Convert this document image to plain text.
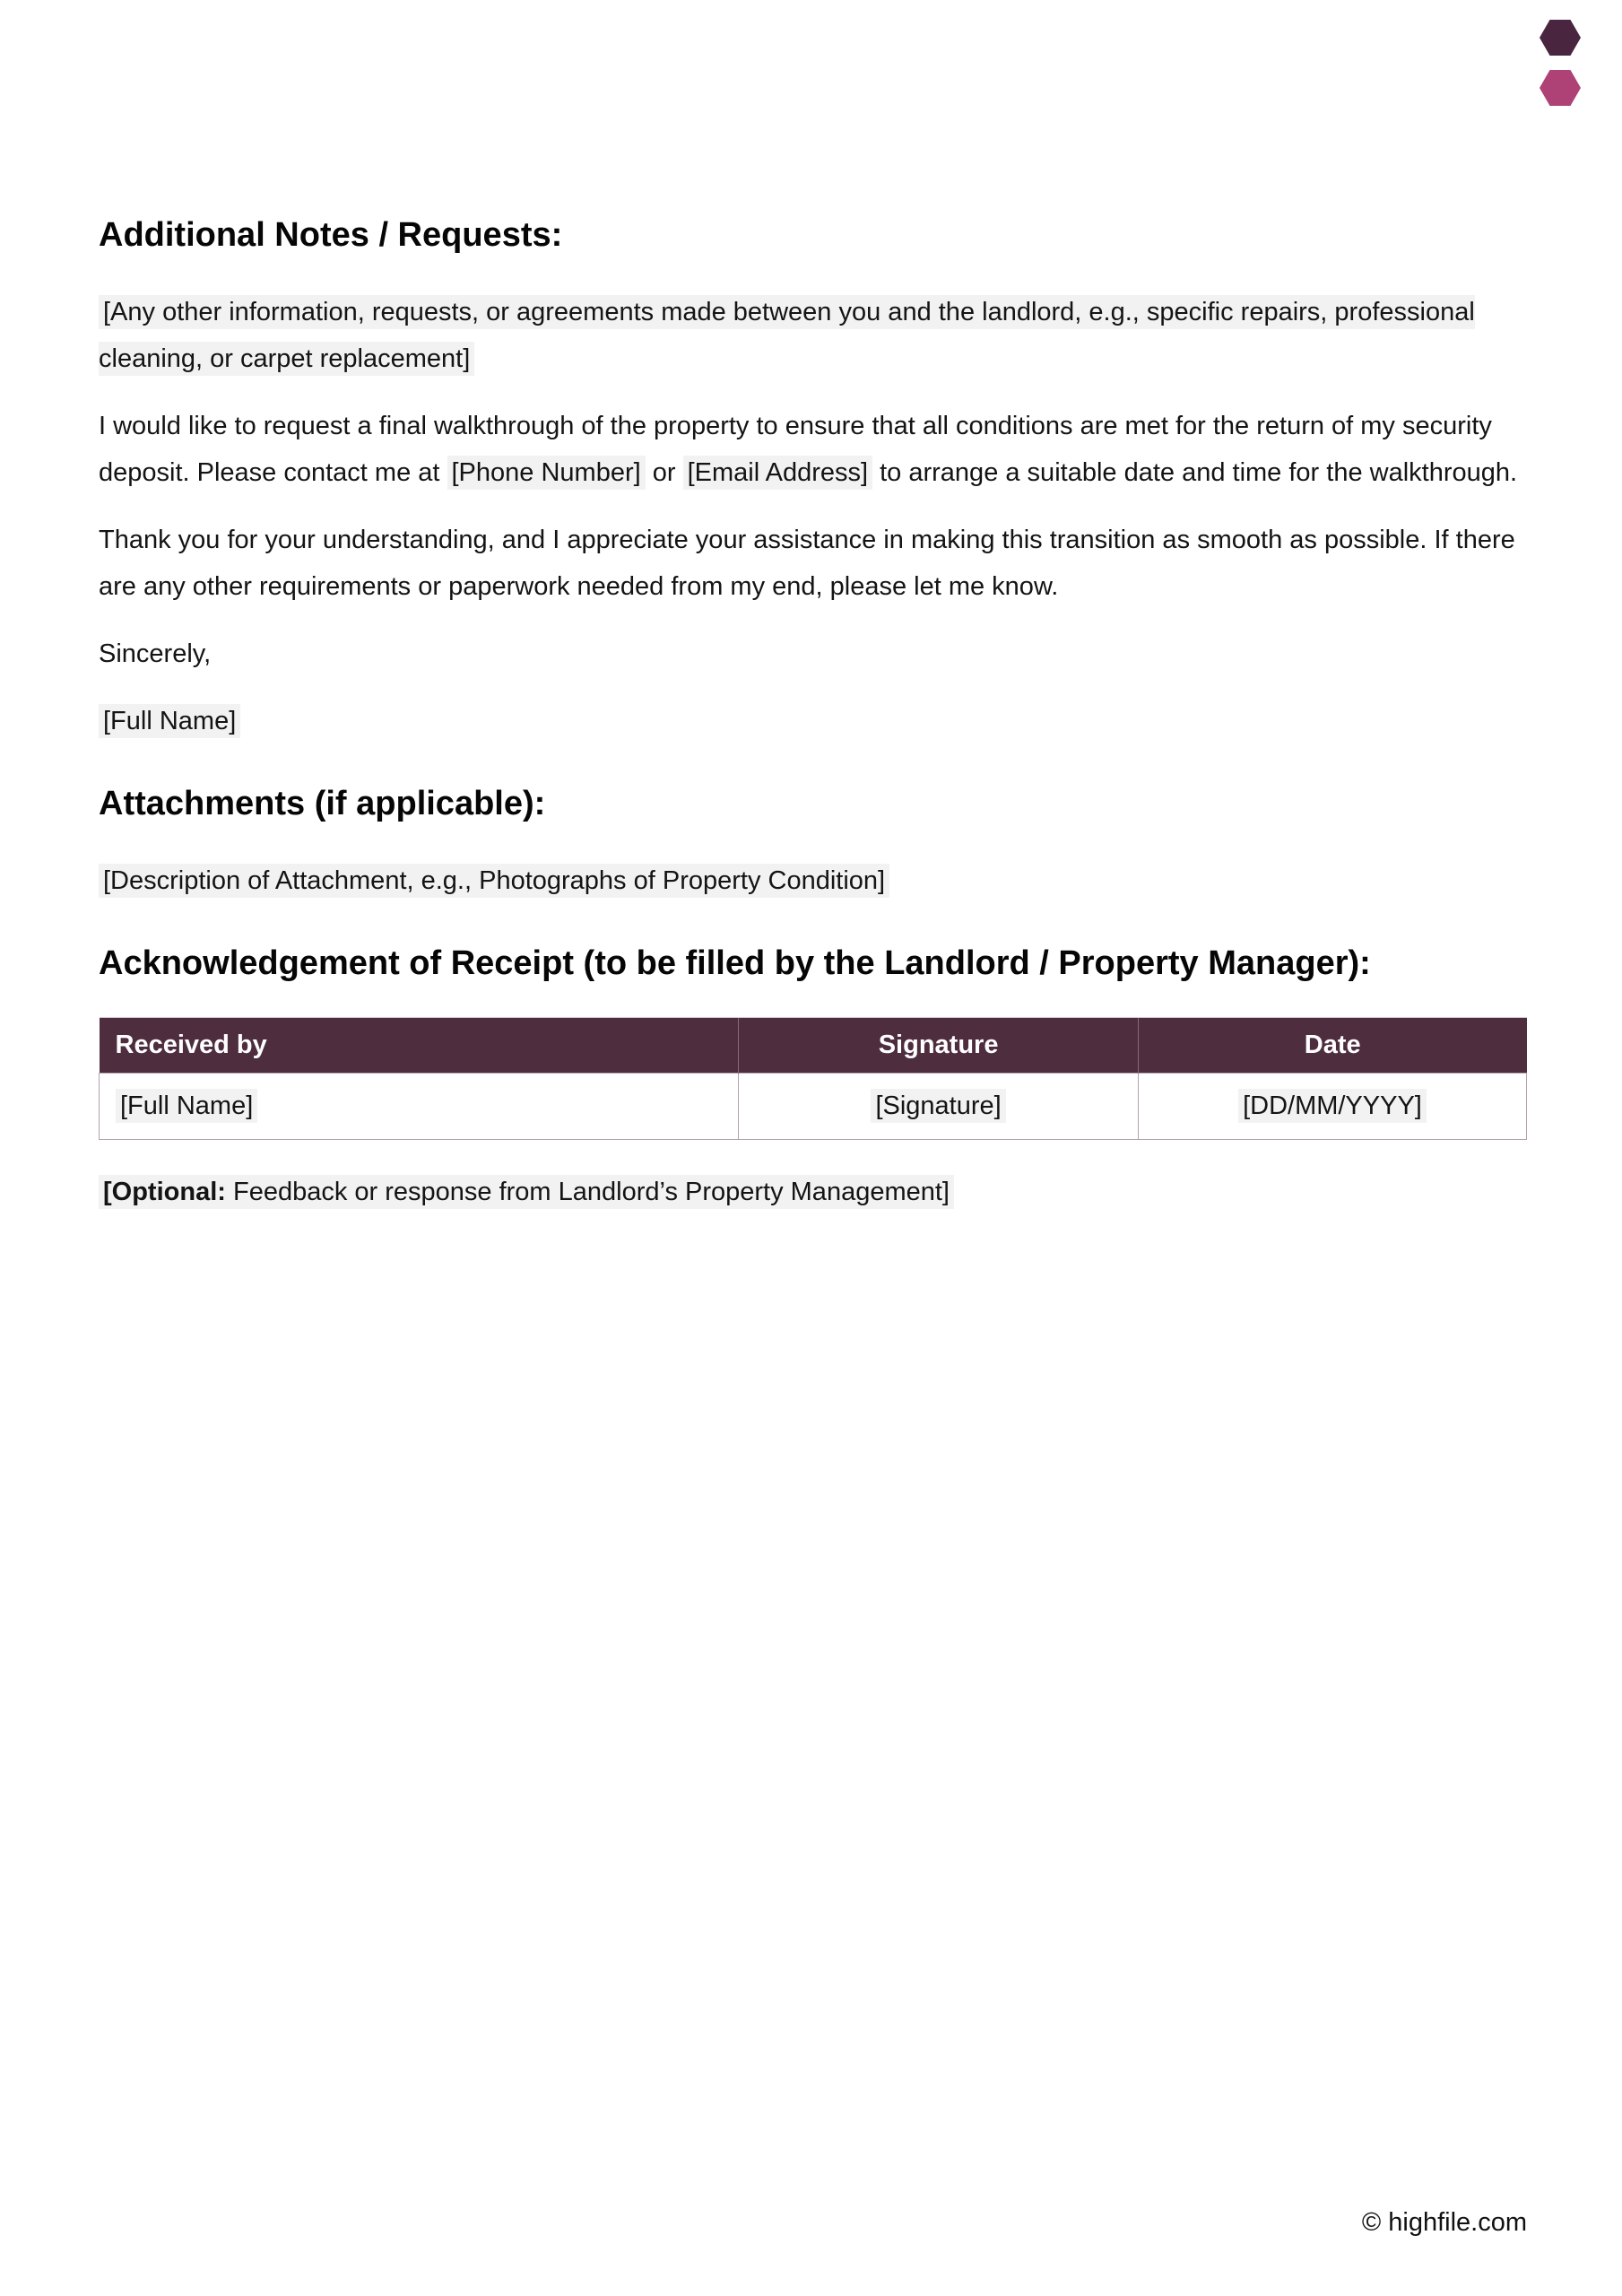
Additional Notes / Requests:

[Any other information, requests, or agreements made between you and the landlord, e.g., specific repairs, professional cleaning, or carpet replacement]

I would like to request a final walkthrough of the property to ensure that all conditions are met for the return of my security deposit. Please contact me at [Phone Number] or [Email Address] to arrange a suitable date and time for the walkthrough.

Thank you for your understanding, and I appreciate your assistance in making this transition as smooth as possible. If there are any other requirements or paperwork needed from my end, please let me know.

Sincerely,

[Full Name]

Attachments (if applicable):

[Description of Attachment, e.g., Photographs of Property Condition]

Acknowledgement of Receipt (to be filled by the Landlord / Property Manager):
Received by	Signature	Date
[Full Name]	[Signature]	[DD/MM/YYYY]

[Optional: Feedback or response from Landlord’s Property Management]

© highfile.com
